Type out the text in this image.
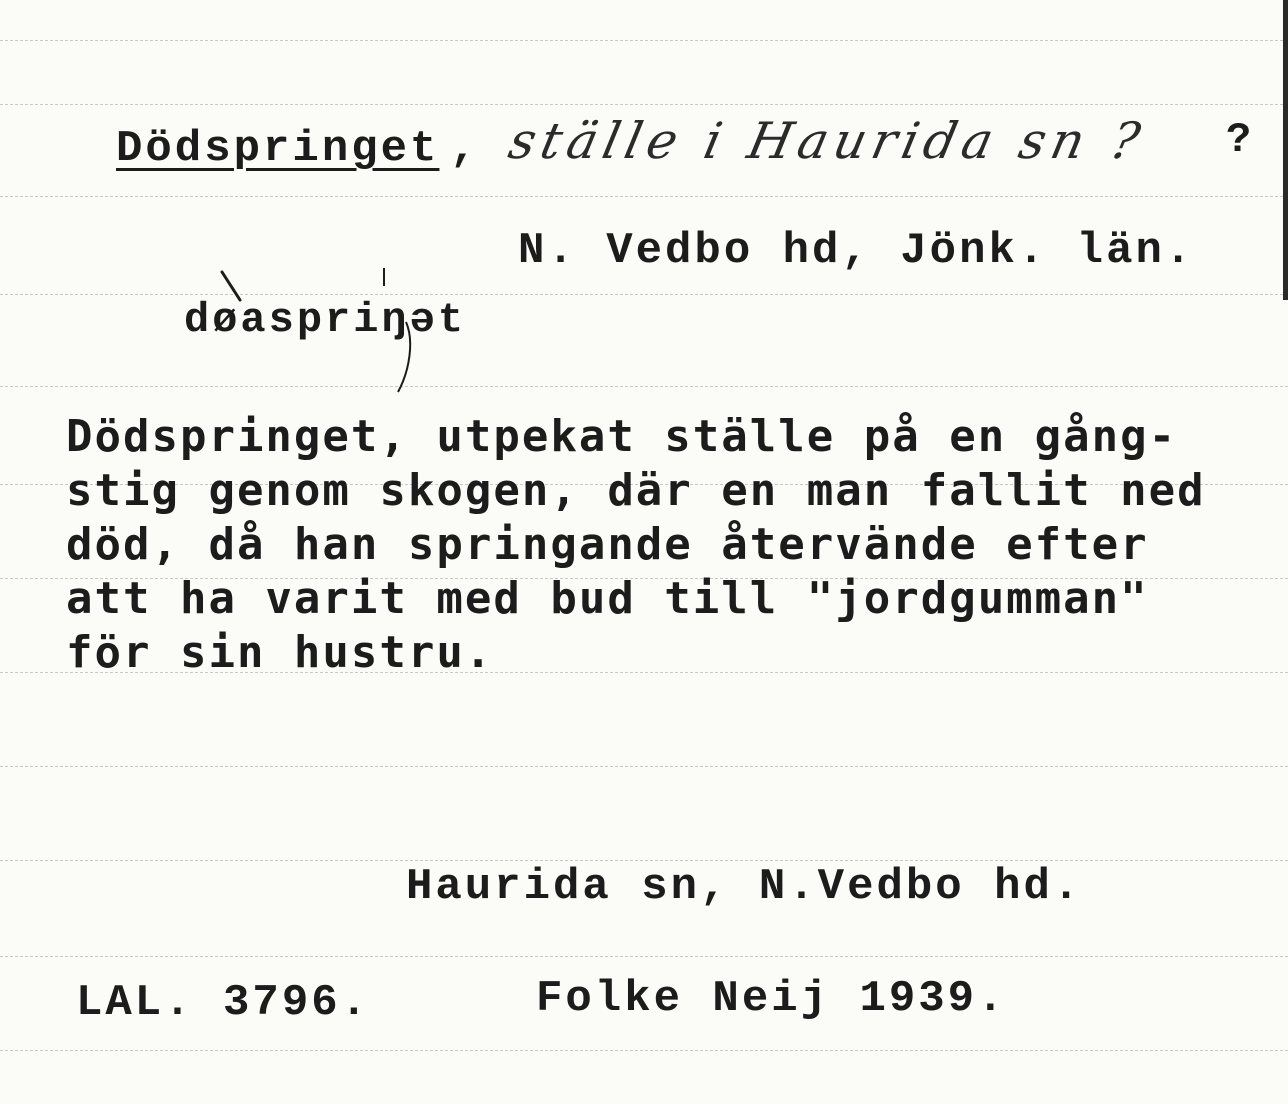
Dödspringet , ställe i Haurida sn ? ?
N. Vedbo hd, Jönk. län.
døaspriŋət
Dödspringet, utpekat ställe på en gång-
stig genom skogen, där en man fallit ned
död, då han springande återvände efter
att ha varit med bud till "jordgumman"
för sin hustru.
Haurida sn, N.Vedbo hd.
LAL. 3796.	Folke Neij 1939.
